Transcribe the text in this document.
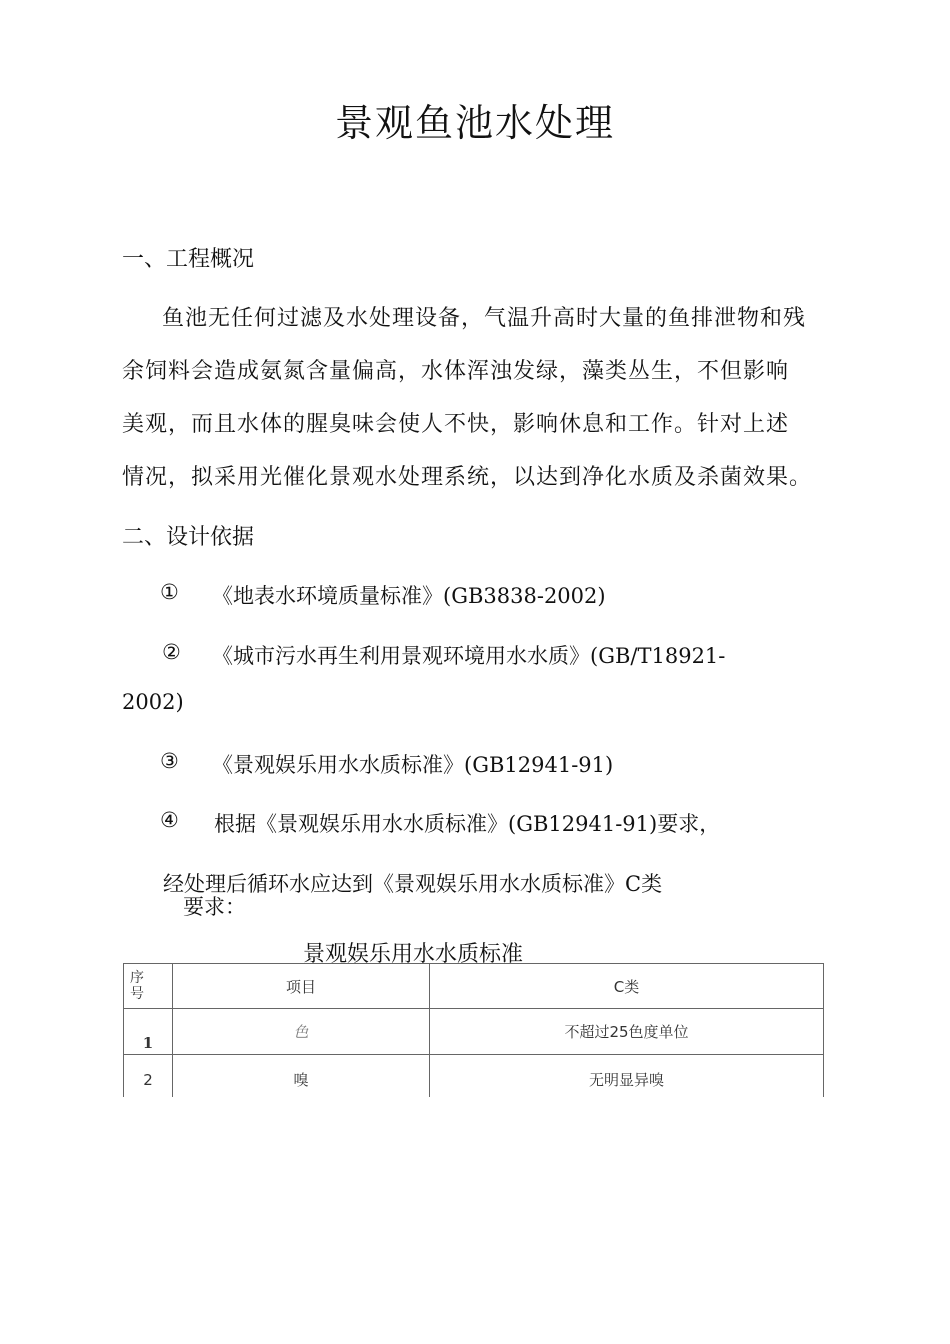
景观鱼池水处理
一、工程概况
鱼池无任何过滤及水处理设备，气温升高时大量的鱼排泄物和残
余饲料会造成氨氮含量偏高，水体浑浊发绿，藻类丛生，不但影响
美观，而且水体的腥臭味会使人不快，影响休息和工作。针对上述
情况，拟采用光催化景观水处理系统，以达到净化水质及杀菌效果。
二、设计依据
① 《地表水环境质量标准》(GB3838-2002)
② 《城市污水再生利用景观环境用水水质》(GB/T18921-
2002)
③ 《景观娱乐用水水质标准》(GB12941-91)
④ 根据《景观娱乐用水水质标准》(GB12941-91)要求，
经处理后循环水应达到《景观娱乐用水水质标准》C类
要求：
景观娱乐用水水质标准
序号	项目	C类
1	色	不超过25色度单位
2	嗅	无明显异嗅
